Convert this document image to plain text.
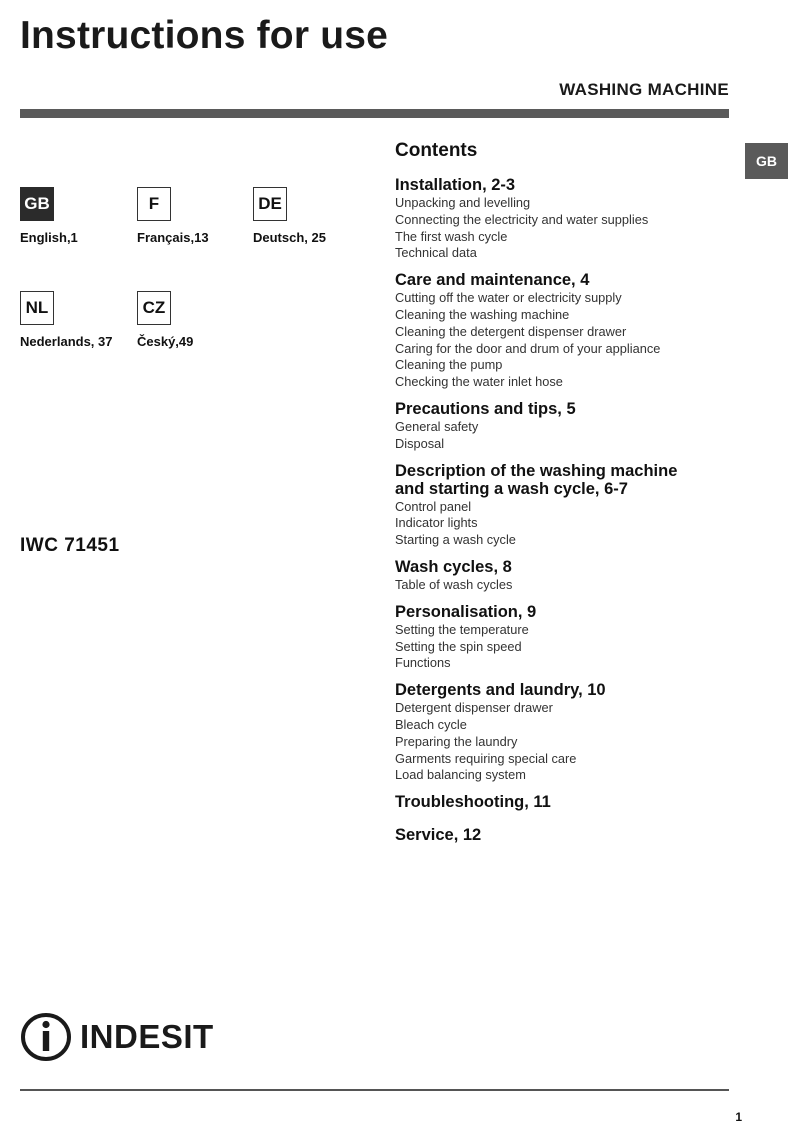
Instructions for use
WASHING MACHINE
GB
GB
English,1
F
Français,13
DE
Deutsch, 25
NL
Nederlands, 37
CZ
Český,49
IWC 71451
Contents
Installation, 2-3
Unpacking and levelling
Connecting the electricity and water supplies
The first wash cycle
Technical data
Care and maintenance, 4
Cutting off the water or electricity supply
Cleaning the washing machine
Cleaning the detergent dispenser drawer
Caring for the door and drum of your appliance
Cleaning the pump
Checking the water inlet hose
Precautions and tips, 5
General safety
Disposal
Description of the washing machine
and starting a wash cycle, 6-7
Control panel
Indicator lights
Starting a wash cycle
Wash cycles, 8
Table of wash cycles
Personalisation, 9
Setting the temperature
Setting the spin speed
Functions
Detergents and laundry, 10
Detergent dispenser drawer
Bleach cycle
Preparing the laundry
Garments requiring special care
Load balancing system
Troubleshooting, 11
Service, 12
INDESIT
1
